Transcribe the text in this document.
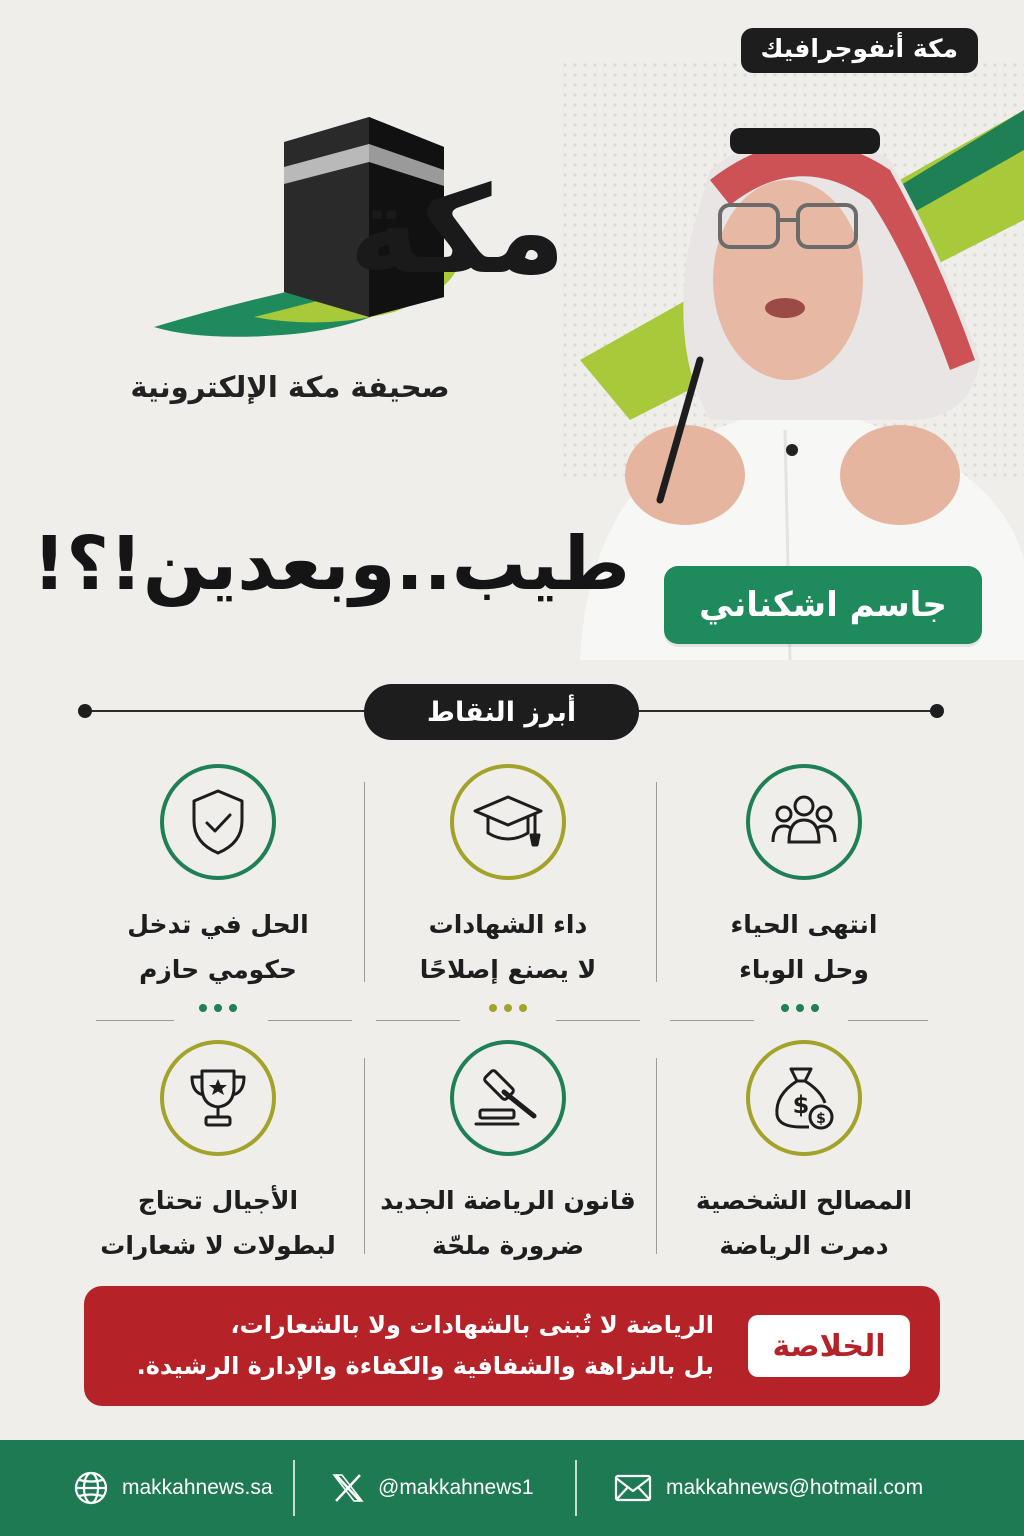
مكة أنفوجرافيك
مكة
صحيفة مكة الإلكترونية
طيب..وبعدين!؟!	جاسم اشكناني
أبرز النقاط
انتهى الحياء
وحل الوباء
داء الشهادات
لا يصنع إصلاحًا
الحل في تدخل
حكومي حازم
$ $
المصالح الشخصية
دمرت الرياضة
قانون الرياضة الجديد
ضرورة ملحّة
الأجيال تحتاج
لبطولات لا شعارات
الخلاصة
الرياضة لا تُبنى بالشهادات ولا بالشعارات،
بل بالنزاهة والشفافية والكفاءة والإدارة الرشيدة.
makkahnews.sa	@makkahnews1	makkahnews@hotmail.com
